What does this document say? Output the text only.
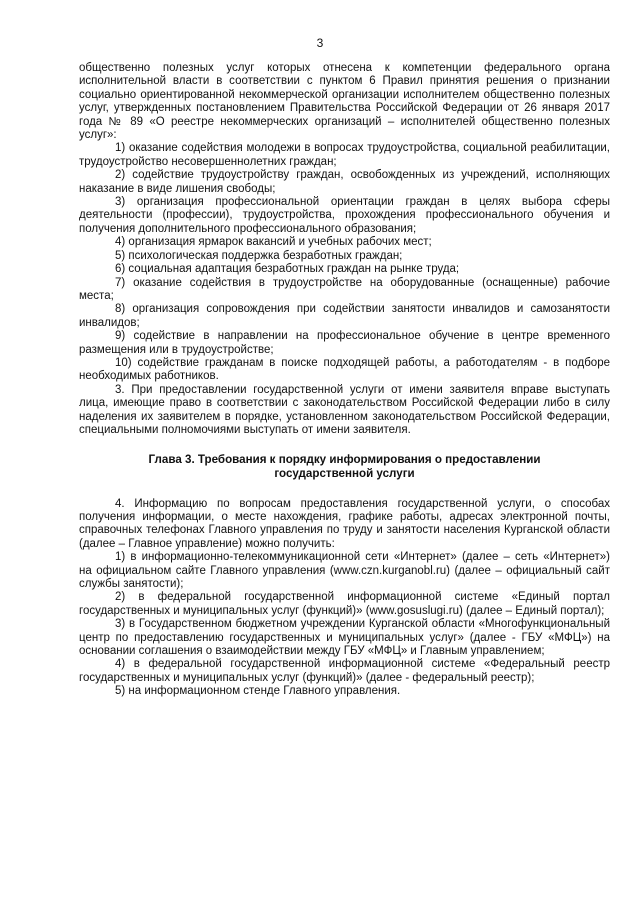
3

общественно полезных услуг которых отнесена к компетенции федерального органа исполнительной власти в соответствии с пунктом 6 Правил принятия решения о признании социально ориентированной некоммерческой организации исполнителем общественно полезных услуг, утвержденных постановлением Правительства Российской Федерации от 26 января 2017 года № 89 «О реестре некоммерческих организаций – исполнителей общественно полезных услуг»:

1) оказание содействия молодежи в вопросах трудоустройства, социальной реабилитации, трудоустройство несовершеннолетних граждан;

2) содействие трудоустройству граждан, освобожденных из учреждений, исполняющих наказание в виде лишения свободы;

3) организация профессиональной ориентации граждан в целях выбора сферы деятельности (профессии), трудоустройства, прохождения профессионального обучения и получения дополнительного профессионального образования;

4) организация ярмарок вакансий и учебных рабочих мест;

5) психологическая поддержка безработных граждан;

6) социальная адаптация безработных граждан на рынке труда;

7) оказание содействия в трудоустройстве на оборудованные (оснащенные) рабочие места;

8) организация сопровождения при содействии занятости инвалидов и самозанятости инвалидов;

9) содействие в направлении на профессиональное обучение в центре временного размещения или в трудоустройстве;

10) содействие гражданам в поиске подходящей работы, а работодателям - в подборе необходимых работников.

3. При предоставлении государственной услуги от имени заявителя вправе выступать лица, имеющие право в соответствии с законодательством Российской Федерации либо в силу наделения их заявителем в порядке, установленном законодательством Российской Федерации, специальными полномочиями выступать от имени заявителя.

Глава 3. Требования к порядку информирования о предоставлении
государственной услуги

4. Информацию по вопросам предоставления государственной услуги, о способах получения информации, о месте нахождения, графике работы, адресах электронной почты, справочных телефонах Главного управления по труду и занятости населения Курганской области (далее – Главное управление) можно получить:

1) в информационно-телекоммуникационной сети «Интернет» (далее – сеть «Интернет») на официальном сайте Главного управления (www.czn.kurganobl.ru) (далее – официальный сайт службы занятости);

2) в федеральной государственной информационной системе «Единый портал государственных и муниципальных услуг (функций)» (www.gosuslugi.ru) (далее – Единый портал);

3) в Государственном бюджетном учреждении Курганской области «Многофункциональный центр по предоставлению государственных и муниципальных услуг» (далее - ГБУ «МФЦ») на основании соглашения о взаимодействии между ГБУ «МФЦ» и Главным управлением;

4) в федеральной государственной информационной системе «Федеральный реестр государственных и муниципальных услуг (функций)» (далее - федеральный реестр);

5) на информационном стенде Главного управления.
